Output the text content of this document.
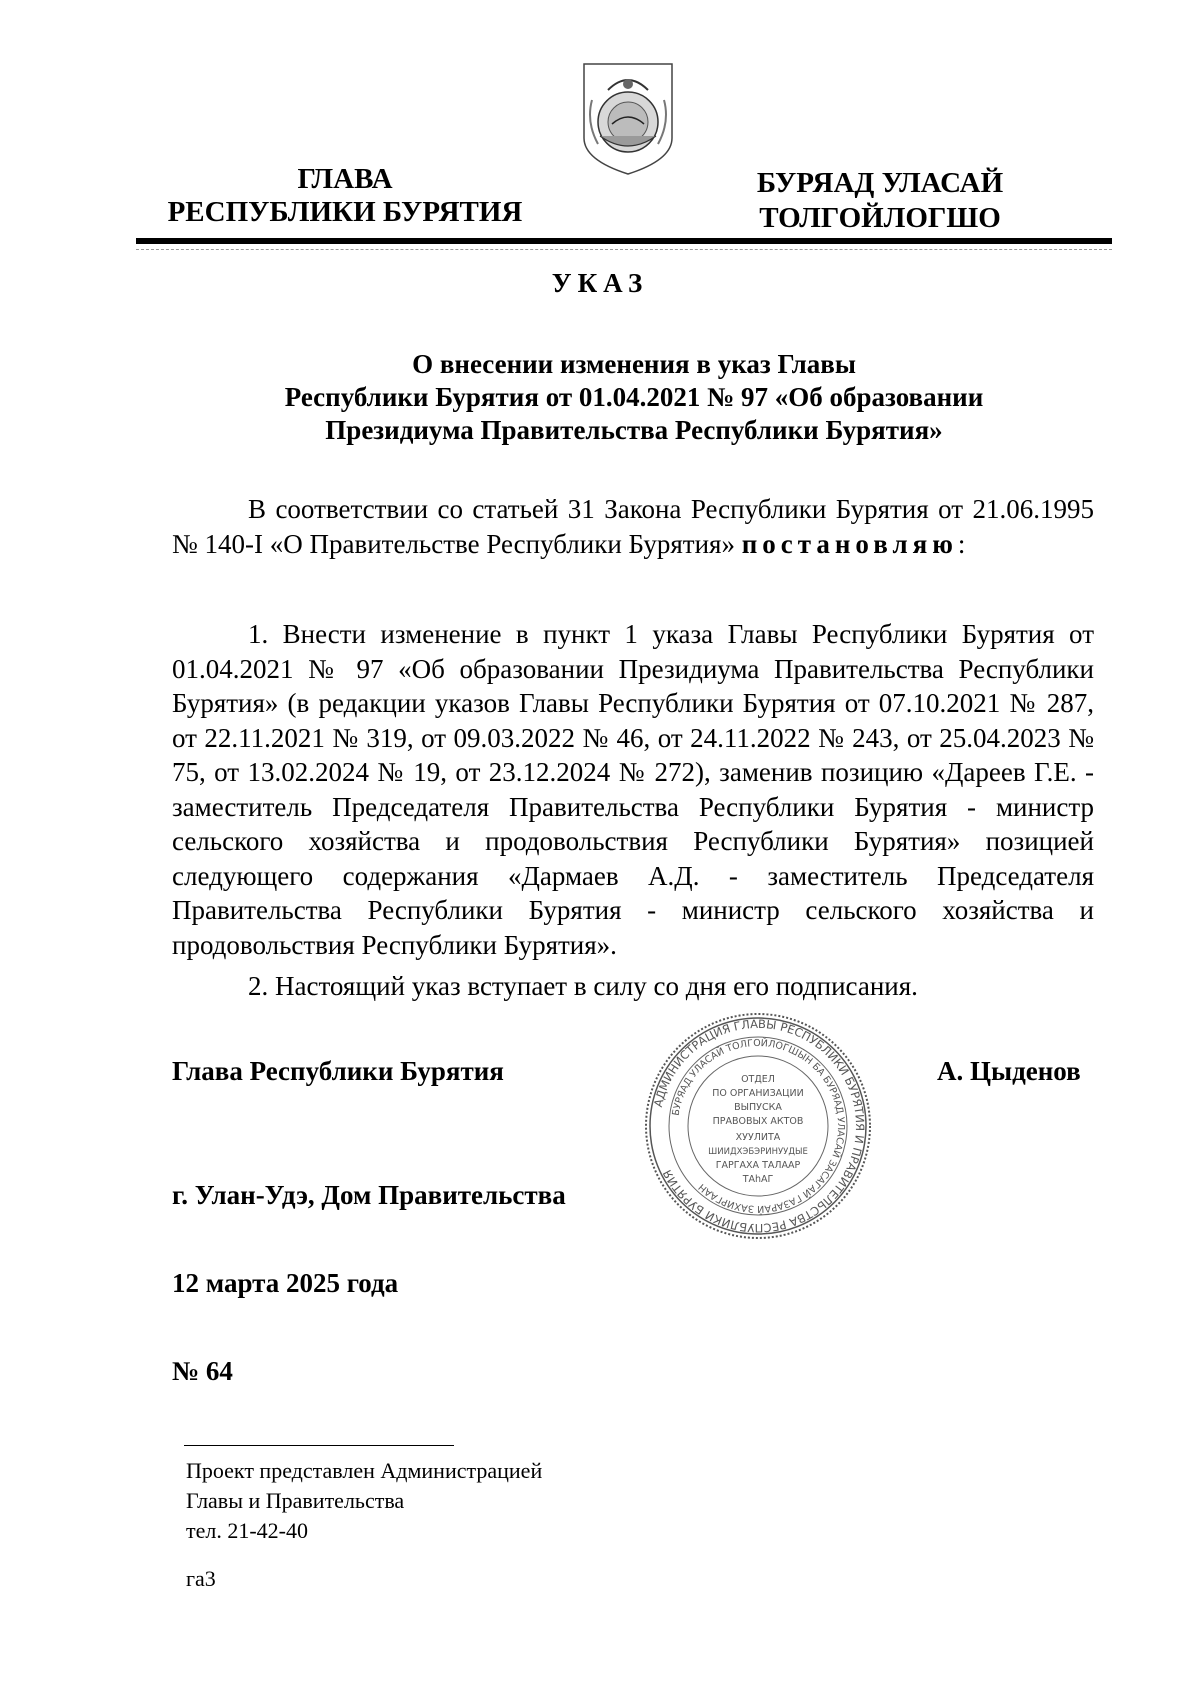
ГЛАВА
РЕСПУБЛИКИ БУРЯТИЯ
БУРЯАД УЛАСАЙ
ТОЛГОЙЛОГШО
УКАЗ
О внесении изменения в указ Главы
Республики Бурятия от 01.04.2021 № 97 «Об образовании
Президиума Правительства Республики Бурятия»
В соответствии со статьей 31 Закона Республики Бурятия от 21.06.1995 № 140-I «О Правительстве Республики Бурятия» постановляю:
1. Внести изменение в пункт 1 указа Главы Республики Бурятия от 01.04.2021 № 97 «Об образовании Президиума Правительства Республики Бурятия» (в редакции указов Главы Республики Бурятия от 07.10.2021 № 287, от 22.11.2021 № 319, от 09.03.2022 № 46, от 24.11.2022 № 243, от 25.04.2023 № 75, от 13.02.2024 № 19, от 23.12.2024 № 272), заменив позицию «Дареев Г.Е. - заместитель Председателя Правительства Республики Бурятия - министр сельского хозяйства и продовольствия Республики Бурятия» позицией следующего содержания «Дармаев А.Д. - заместитель Председателя Правительства Республики Бурятия - министр сельского хозяйства и продовольствия Республики Бурятия».
2. Настоящий указ вступает в силу со дня его подписания.
Глава Республики Бурятия	А. Цыденов
АДМИНИСТРАЦИЯ ГЛАВЫ РЕСПУБЛИКИ БУРЯТИЯ И ПРАВИТЕЛЬСТВА РЕСПУБЛИКИ БУРЯТИЯ
БУРЯАД УЛАСАЙ ТОЛГОЙЛОГШЫН БА БУРЯАД УЛАСАЙ ЗАСАГАЙ ГАЗАРАЙ ЗАХИРГААН
ОТДЕЛ
ПО ОРГАНИЗАЦИИ
ВЫПУСКА
ПРАВОВЫХ АКТОВ
ХУУЛИТА
ШИИДХЭБЭРИНУУДЫЕ
ГАРГАХА ТАЛААР
ТАhАГ
г. Улан-Удэ, Дом Правительства
12 марта 2025 года
№ 64
Проект представлен Администрацией
Главы и Правительства
тел. 21-42-40
га3
